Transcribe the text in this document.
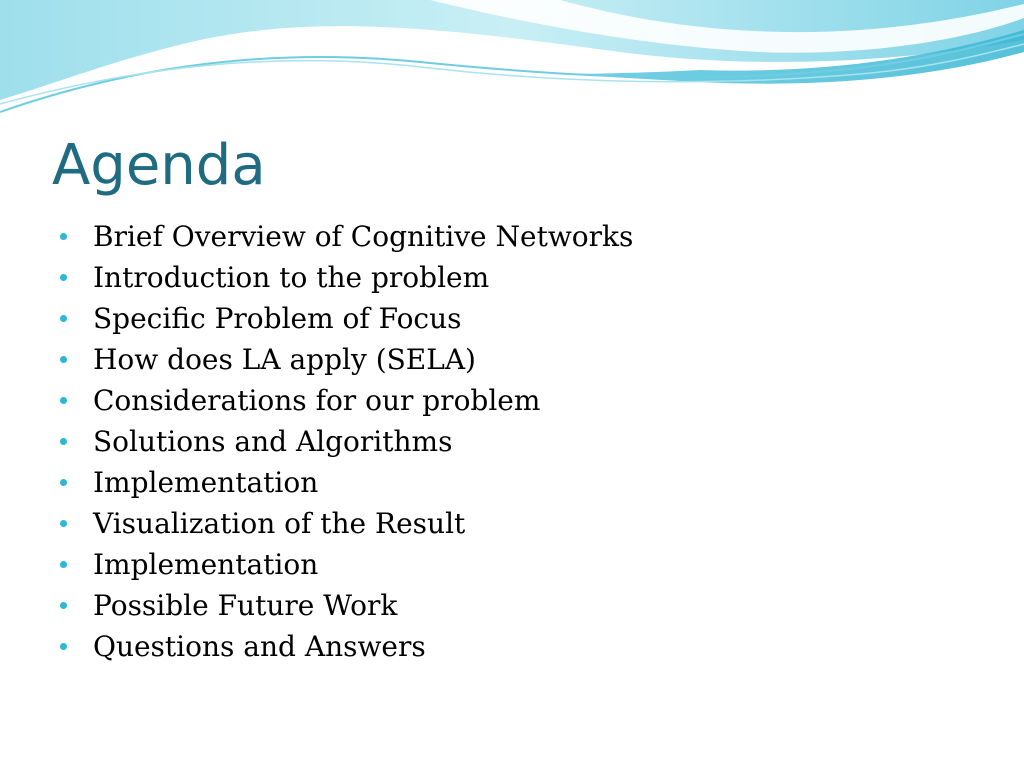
Agenda
Brief Overview of Cognitive Networks
Introduction to the problem
Specific Problem of Focus
How does LA apply (SELA)
Considerations for our problem
Solutions and Algorithms
Implementation
Visualization of the Result
Implementation
Possible Future Work
Questions and Answers
